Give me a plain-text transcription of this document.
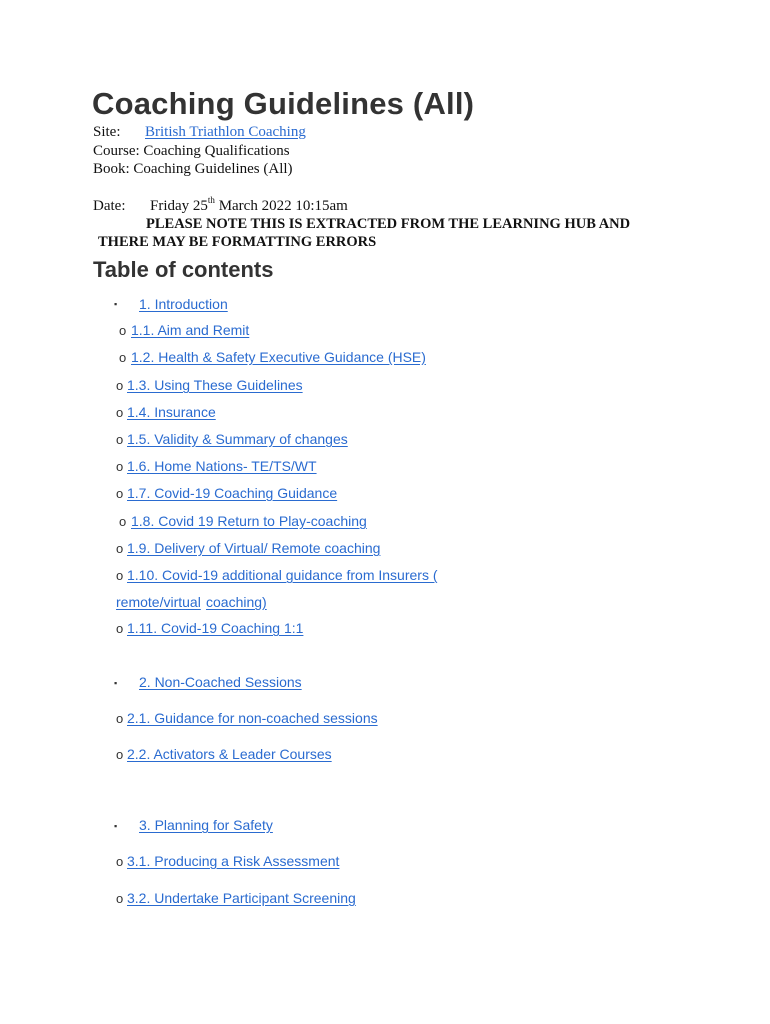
Coaching Guidelines (All)
Site: British Triathlon Coaching
Course: Coaching Qualifications
Book: Coaching Guidelines (All)
Date: Friday 25th March 2022 10:15am
PLEASE NOTE THIS IS EXTRACTED FROM THE LEARNING HUB AND
THERE MAY BE FORMATTING ERRORS
Table of contents
▪ 1. Introduction
o 1.1. Aim and Remit
o 1.2. Health & Safety Executive Guidance (HSE)
o 1.3. Using These Guidelines
o 1.4. Insurance
o 1.5. Validity & Summary of changes
o 1.6. Home Nations- TE/TS/WT
o 1.7. Covid-19 Coaching Guidance
o 1.8. Covid 19 Return to Play-coaching
o 1.9. Delivery of Virtual/ Remote coaching
o 1.10. Covid-19 additional guidance from Insurers (
remote/virtual coaching)
o 1.11. Covid-19 Coaching 1:1
▪ 2. Non-Coached Sessions
o 2.1. Guidance for non-coached sessions
o 2.2. Activators & Leader Courses
▪ 3. Planning for Safety
o 3.1. Producing a Risk Assessment
o 3.2. Undertake Participant Screening
